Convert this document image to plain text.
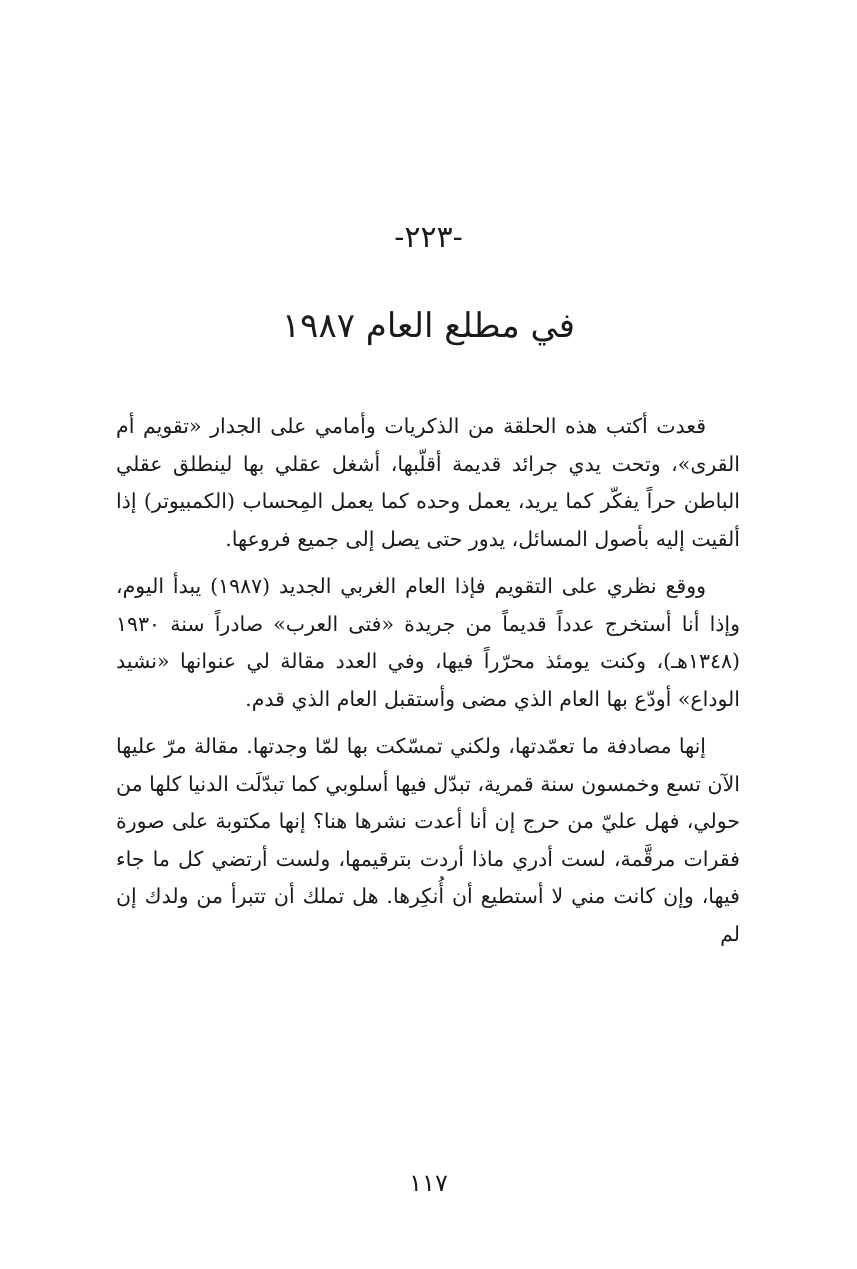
-٢٢٣-
في مطلع العام ١٩٨٧

قعدت أكتب هذه الحلقة من الذكريات وأمامي على الجدار «تقويم أم القرى»، وتحت يدي جرائد قديمة أقلّبها، أشغل عقلي بها لينطلق عقلي الباطن حراً يفكّر كما يريد، يعمل وحده كما يعمل المِحساب (الكمبيوتر) إذا ألقيت إليه بأصول المسائل، يدور حتى يصل إلى جميع فروعها.

ووقع نظري على التقويم فإذا العام الغربي الجديد (١٩٨٧) يبدأ اليوم، وإذا أنا أستخرج عدداً قديماً من جريدة «فتى العرب» صادراً سنة ١٩٣٠ (١٣٤٨هـ)، وكنت يومئذ محرّراً فيها، وفي العدد مقالة لي عنوانها «نشيد الوداع» أودّع بها العام الذي مضى وأستقبل العام الذي قدم.

إنها مصادفة ما تعمّدتها، ولكني تمسّكت بها لمّا وجدتها. مقالة مرّ عليها الآن تسع وخمسون سنة قمرية، تبدّل فيها أسلوبي كما تبدّلَت الدنيا كلها من حولي، فهل عليّ من حرج إن أنا أعدت نشرها هنا؟ إنها مكتوبة على صورة فقرات مرقَّمة، لست أدري ماذا أردت بترقيمها، ولست أرتضي كل ما جاء فيها، وإن كانت مني لا أستطيع أن أُنكِرها. هل تملك أن تتبرأ من ولدك إن لم

١١٧
